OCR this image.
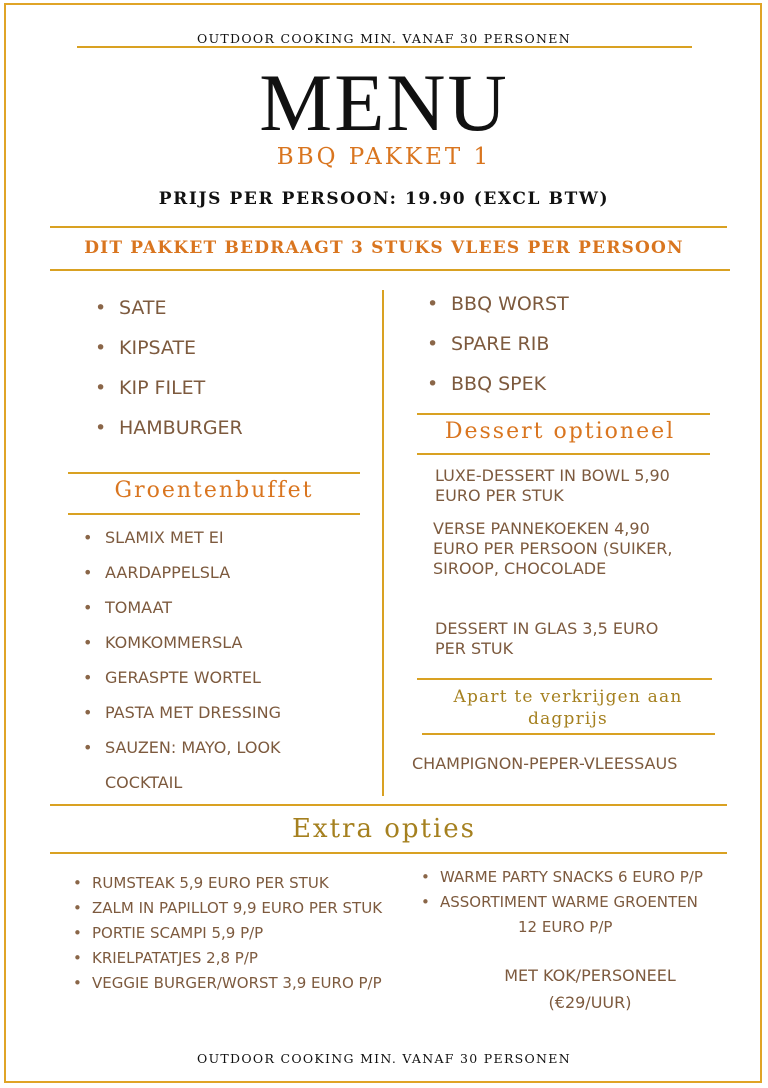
OUTDOOR COOKING MIN. VANAF 30 PERSONEN
MENU
BBQ PAKKET 1
PRIJS PER PERSOON: 19.90 (EXCL BTW)
DIT PAKKET BEDRAAGT 3 STUKS VLEES PER PERSOON
• SATE
• KIPSATE
• KIP FILET
• HAMBURGER
• BBQ WORST
• SPARE RIB
• BBQ SPEK
Groentenbuffet
• SLAMIX MET EI
• AARDAPPELSLA
• TOMAAT
• KOMKOMMERSLA
• GERASPTE WORTEL
• PASTA MET DRESSING
• SAUZEN: MAYO, LOOK
COCKTAIL
Dessert optioneel
LUXE-DESSERT IN BOWL 5,90 EURO PER STUK
VERSE PANNEKOEKEN 4,90 EURO PER PERSOON (SUIKER, SIROOP, CHOCOLADE
DESSERT IN GLAS 3,5 EURO PER STUK
Apart te verkrijgen aan dagprijs
CHAMPIGNON-PEPER-VLEESSAUS
Extra opties
• RUMSTEAK 5,9 EURO PER STUK
• ZALM IN PAPILLOT 9,9 EURO PER STUK
• PORTIE SCAMPI 5,9 P/P
• KRIELPATATJES 2,8 P/P
• VEGGIE BURGER/WORST 3,9 EURO P/P
• WARME PARTY SNACKS 6 EURO P/P
• ASSORTIMENT WARME GROENTEN
12 EURO P/P
MET KOK/PERSONEEL
(€29/UUR)
OUTDOOR COOKING MIN. VANAF 30 PERSONEN
